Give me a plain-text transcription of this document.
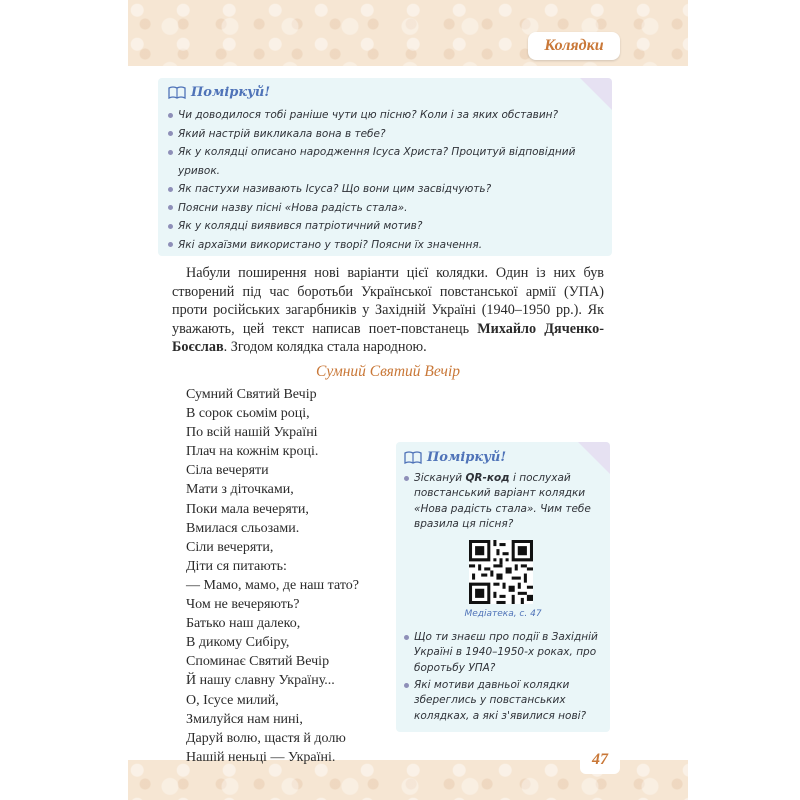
Колядки
Поміркуй!
Чи доводилося тобі раніше чути цю пісню? Коли і за яких обставин?
Який настрій викликала вона в тебе?
Як у колядці описано народження Ісуса Христа? Процитуй відповідний уривок.
Як пастухи називають Ісуса? Що вони цим засвідчують?
Поясни назву пісні «Нова радість стала».
Як у колядці виявився патріотичний мотив?
Які архаїзми використано у творі? Поясни їх значення.
Набули поширення нові варіанти цієї колядки. Один із них був створений під час боротьби Української повстанської армії (УПА) проти російських загарбників у Західній Україні (1940–1950 рр.). Як уважають, цей текст написав поет-повстанець Михайло Дяченко-Боєслав. Згодом колядка стала народною.
Сумний Святий Вечір
Сумний Святий Вечір
В сорок сьомім році,
По всій нашій Україні
Плач на кожнім кроці.
Сіла вечеряти
Мати з діточками,
Поки мала вечеряти,
Вмилася сльозами.
Сіли вечеряти,
Діти ся питають:
— Мамо, мамо, де наш тато?
Чом не вечеряють?
Батько наш далеко,
В дикому Сибіру,
Споминає Святий Вечір
Й нашу славну Україну...
О, Ісусе милий,
Змилуйся нам нині,
Даруй волю, щастя й долю
Нашій неньці — Україні.
Поміркуй!
Зіскануй QR-код і послухай повстанський варіант колядки «Нова радість стала». Чим тебе вразила ця пісня?
Медіатека, с. 47
Що ти знаєш про події в Західній Україні в 1940–1950-х роках, про боротьбу УПА?
Які мотиви давньої колядки збереглись у повстанських колядках, а які з'явилися нові?
47
